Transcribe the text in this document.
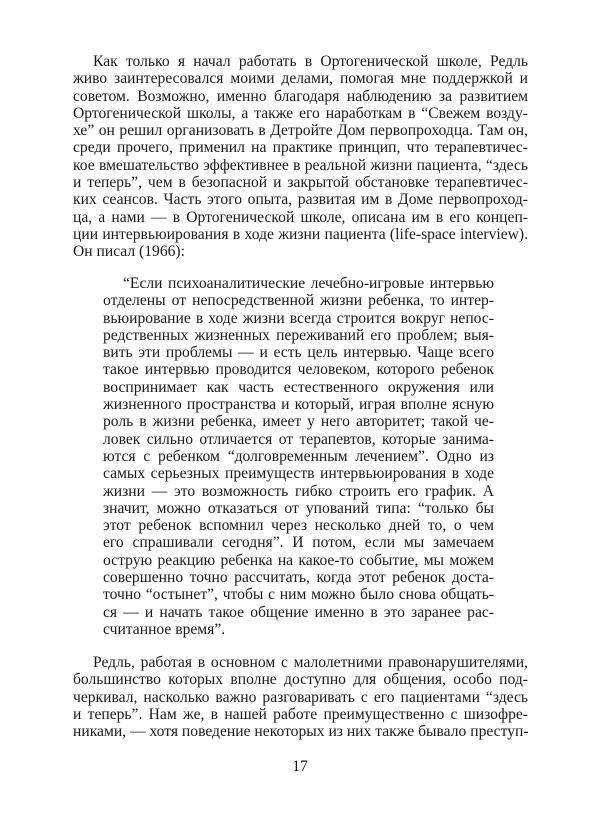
Как только я начал работать в Ортогенической школе, Редль
живо заинтересовался моими делами, помогая мне поддержкой и
советом. Возможно, именно благодаря наблюдению за развитием
Ортогенической школы, а также его наработкам в “Свежем возду-
хе” он решил организовать в Детройте Дом первопроходца. Там он,
среди прочего, применил на практике принцип, что терапевтичес-
кое вмешательство эффективнее в реальной жизни пациента, “здесь
и теперь”, чем в безопасной и закрытой обстановке терапевтичес-
ких сеансов. Часть этого опыта, развитая им в Доме первопроход-
ца, а нами — в Ортогенической школе, описана им в его концеп-
ции интервьюирования в ходе жизни пациента (life-space interview).
Он писал (1966):
“Если психоаналитические лечебно-игровые интервью
отделены от непосредственной жизни ребенка, то интер-
вьюирование в ходе жизни всегда строится вокруг непос-
редственных жизненных переживаний его проблем; выя-
вить эти проблемы — и есть цель интервью. Чаще всего
такое интервью проводится человеком, которого ребенок
воспринимает как часть естественного окружения или
жизненного пространства и который, играя вполне ясную
роль в жизни ребенка, имеет у него авторитет; такой че-
ловек сильно отличается от терапевтов, которые занима-
ются с ребенком “долговременным лечением”. Одно из
самых серьезных преимуществ интервьюирования в ходе
жизни — это возможность гибко строить его график. А
значит, можно отказаться от упований типа: “только бы
этот ребенок вспомнил через несколько дней то, о чем
его спрашивали сегодня”. И потом, если мы замечаем
острую реакцию ребенка на какое-то событие, мы можем
совершенно точно рассчитать, когда этот ребенок доста-
точно “остынет”, чтобы с ним можно было снова общать-
ся — и начать такое общение именно в это заранее рас-
считанное время”.
Редль, работая в основном с малолетними правонарушителями,
большинство которых вполне доступно для общения, особо под-
черкивал, насколько важно разговаривать с его пациентами “здесь
и теперь”. Нам же, в нашей работе преимущественно с шизофре-
никами, — хотя поведение некоторых из них также бывало преступ-
17
